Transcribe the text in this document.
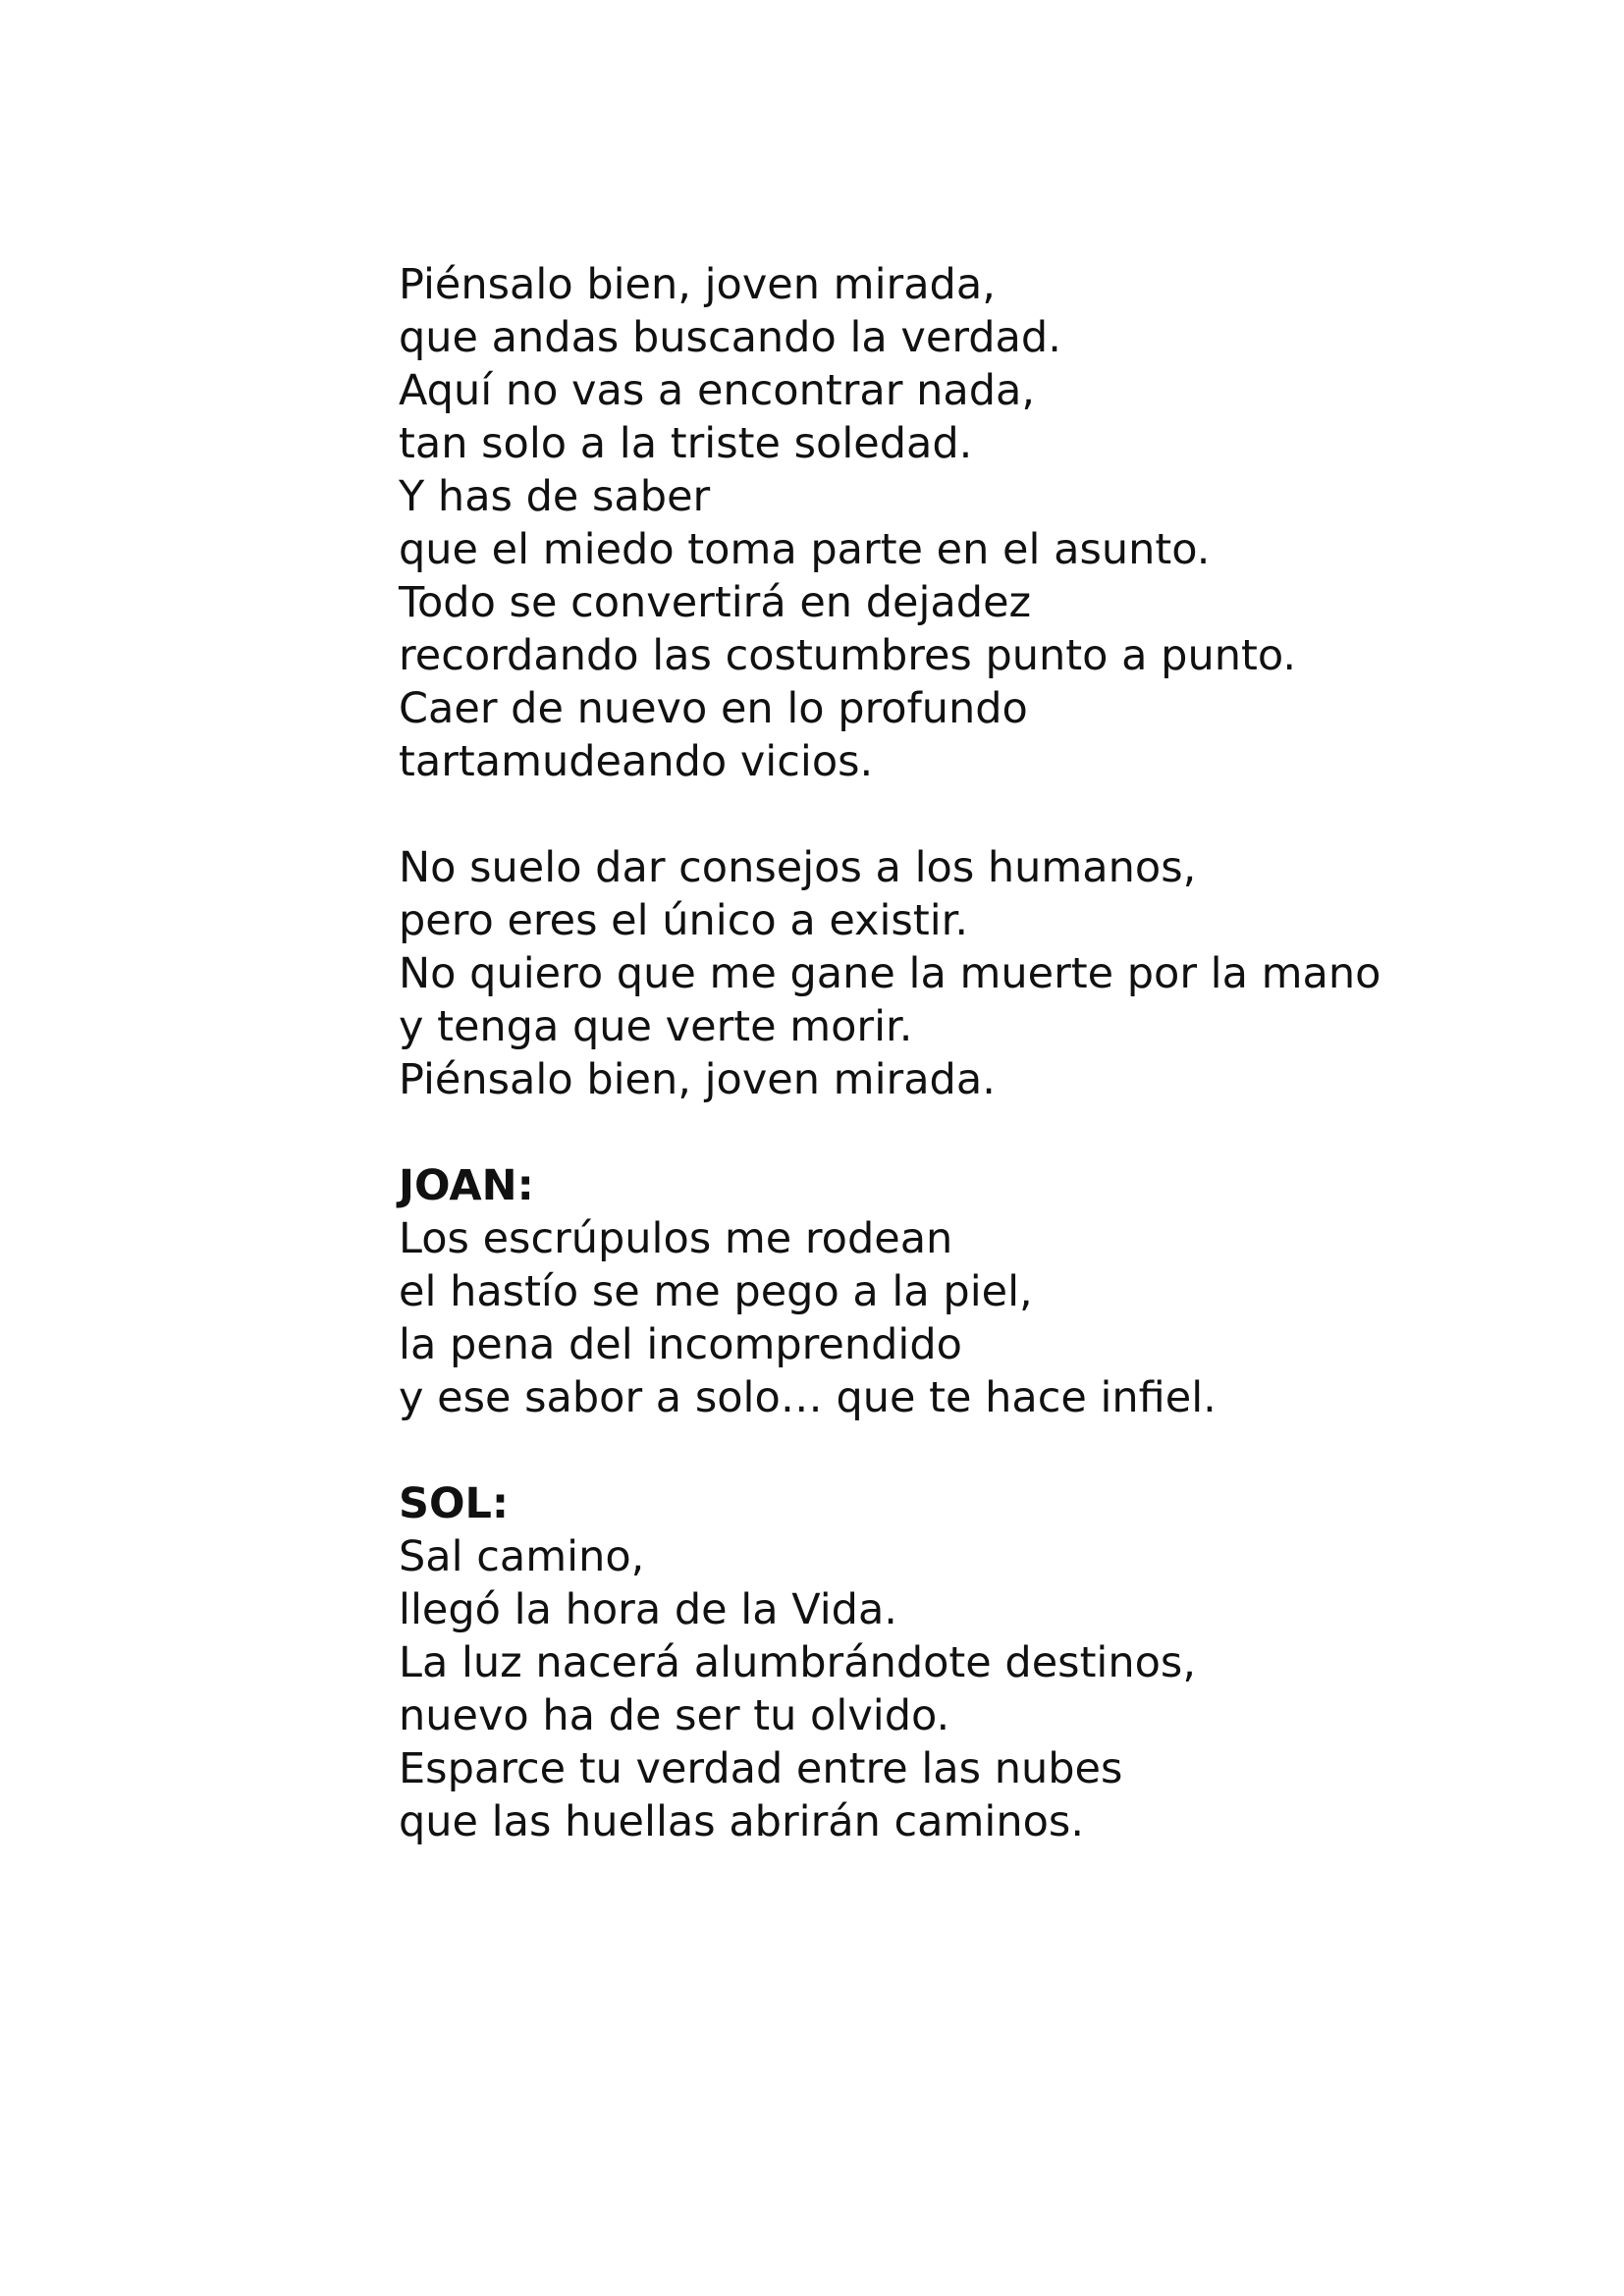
Piénsalo bien, joven mirada,
que andas buscando la verdad.
Aquí no vas a encontrar nada,
tan solo a la triste soledad.
Y has de saber
que el miedo toma parte en el asunto.
Todo se convertirá en dejadez
recordando las costumbres punto a punto.
Caer de nuevo en lo profundo
tartamudeando vicios.
No suelo dar consejos a los humanos,
pero eres el único a existir.
No quiero que me gane la muerte por la mano
y tenga que verte morir.
Piénsalo bien, joven mirada.
JOAN:
Los escrúpulos me rodean
el hastío se me pego a la piel,
la pena del incomprendido
y ese sabor a solo… que te hace infiel.
SOL:
Sal camino,
llegó la hora de la Vida.
La luz nacerá alumbrándote destinos,
nuevo ha de ser tu olvido.
Esparce tu verdad entre las nubes
que las huellas abrirán caminos.
